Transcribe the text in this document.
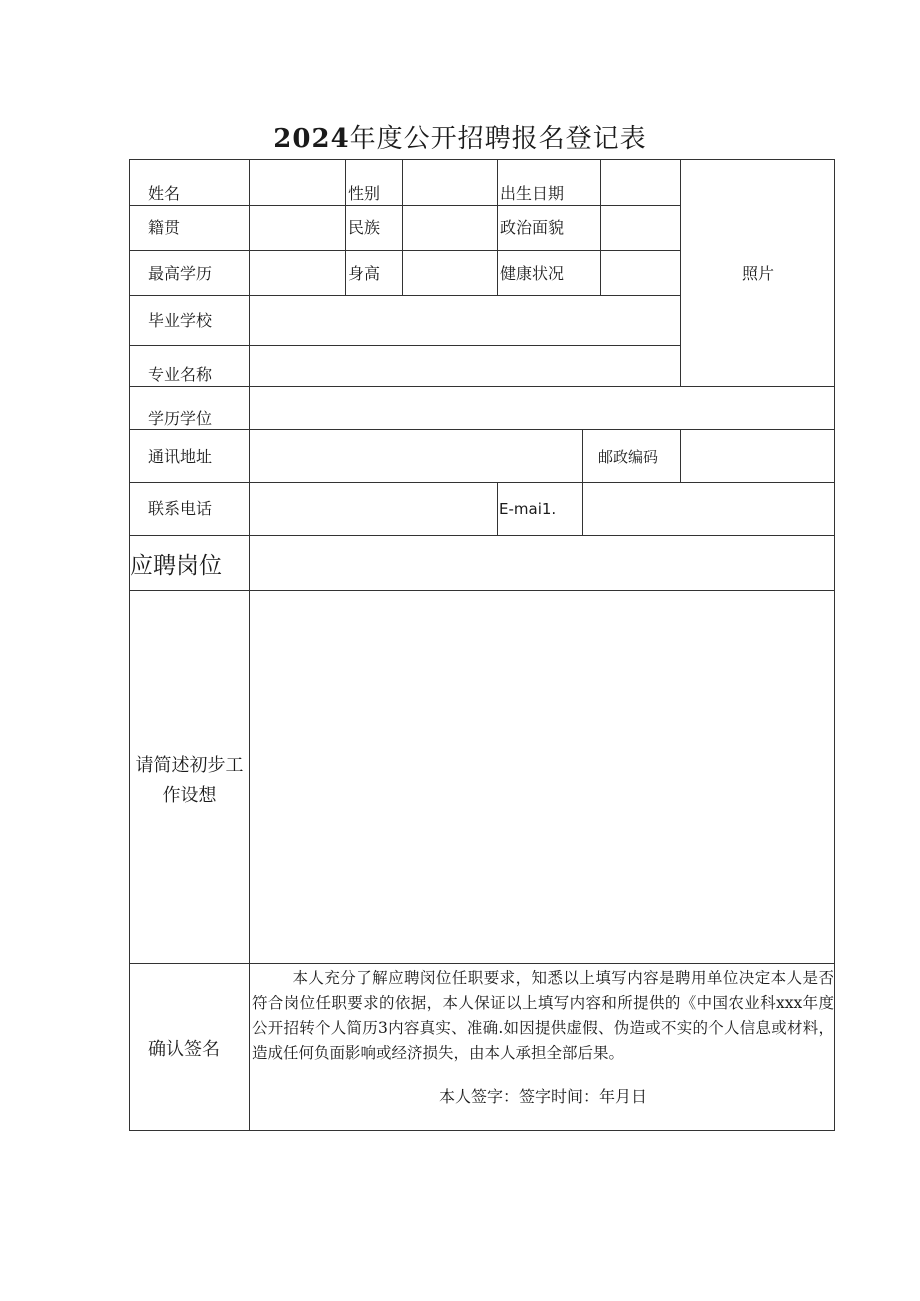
2024年度公开招聘报名登记表
姓名	性别	出生日期
照片
籍贯	民族	政治面貌
最高学历	身高	健康状况
毕业学校
专业名称
学历学位
通讯地址	邮政编码
联系电话	E-mai1.
应聘岗位
请简述初步工
作设想
确认签名
本人充分了解应聘闵位任职要求，知悉以上填写内容是聘用单位决定本人是否符合岗位任职要求的依据，本人保证以上填写内容和所提供的《中国农业科xxx年度公开招转个人简历3内容真实、准确.如因提供虚假、伪造或不实的个人信息或材料，造成任何负面影响或经济损失，由本人承担全部后果。
本人签字：签字时间：年月日
